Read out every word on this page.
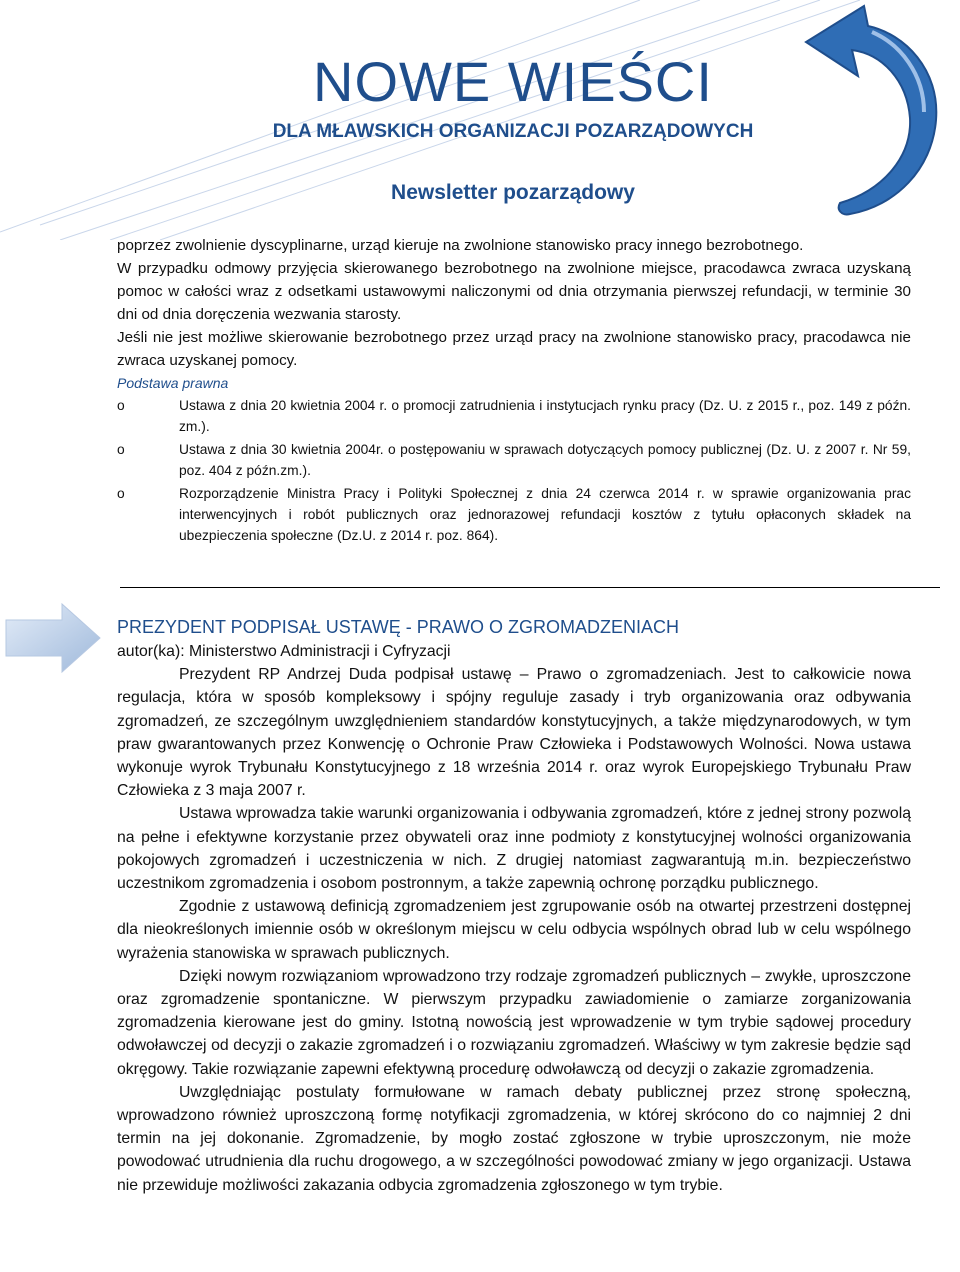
NOWE WIEŚCI
DLA MŁAWSKICH ORGANIZACJI POZARZĄDOWYCH
Newsletter pozarządowy

poprzez zwolnienie dyscyplinarne, urząd kieruje na zwolnione stanowisko pracy innego bezrobotnego.

W przypadku odmowy przyjęcia skierowanego bezrobotnego na zwolnione miejsce, pracodawca zwraca uzyskaną pomoc w całości wraz z odsetkami ustawowymi naliczonymi od dnia otrzymania pierwszej refundacji, w terminie 30 dni od dnia doręczenia wezwania starosty.

Jeśli nie jest możliwe skierowanie bezrobotnego przez urząd pracy na zwolnione stanowisko pracy, pracodawca nie zwraca uzyskanej pomocy.

Podstawa prawna

o	Ustawa z dnia 20 kwietnia 2004 r. o promocji zatrudnienia i instytucjach rynku pracy (Dz. U. z 2015 r., poz. 149 z późn. zm.).
o	Ustawa z dnia 30 kwietnia 2004r. o postępowaniu w sprawach dotyczących pomocy publicznej (Dz. U. z 2007 r. Nr 59, poz. 404 z późn.zm.).
o	Rozporządzenie Ministra Pracy i Polityki Społecznej z dnia 24 czerwca 2014 r. w sprawie organizowania prac interwencyjnych i robót publicznych oraz jednorazowej refundacji kosztów z tytułu opłaconych składek na ubezpieczenia społeczne (Dz.U. z 2014 r. poz. 864).

PREZYDENT PODPISAŁ USTAWĘ - PRAWO O ZGROMADZENIACH

autor(ka): Ministerstwo Administracji i Cyfryzacji

Prezydent RP Andrzej Duda podpisał ustawę – Prawo o zgromadzeniach. Jest to całkowicie nowa regulacja, która w sposób kompleksowy i spójny reguluje zasady i tryb organizowania oraz odbywania zgromadzeń, ze szczególnym uwzględnieniem standardów konstytucyjnych, a także międzynarodowych, w tym praw gwarantowanych przez Konwencję o Ochronie Praw Człowieka i Podstawowych Wolności. Nowa ustawa wykonuje wyrok Trybunału Konstytucyjnego z 18 września 2014 r. oraz wyrok Europejskiego Trybunału Praw Człowieka z 3 maja 2007 r.

Ustawa wprowadza takie warunki organizowania i odbywania zgromadzeń, które z jednej strony pozwolą na pełne i efektywne korzystanie przez obywateli oraz inne podmioty z konstytucyjnej wolności organizowania pokojowych zgromadzeń i uczestniczenia w nich. Z drugiej natomiast zagwarantują m.in. bezpieczeństwo uczestnikom zgromadzenia i osobom postronnym, a także zapewnią ochronę porządku publicznego.

Zgodnie z ustawową definicją zgromadzeniem jest zgrupowanie osób na otwartej przestrzeni dostępnej dla nieokreślonych imiennie osób w określonym miejscu w celu odbycia wspólnych obrad lub w celu wspólnego wyrażenia stanowiska w sprawach publicznych.

Dzięki nowym rozwiązaniom wprowadzono trzy rodzaje zgromadzeń publicznych – zwykłe, uproszczone oraz zgromadzenie spontaniczne. W pierwszym przypadku zawiadomienie o zamiarze zorganizowania zgromadzenia kierowane jest do gminy. Istotną nowością jest wprowadzenie w tym trybie sądowej procedury odwoławczej od decyzji o zakazie zgromadzeń i o rozwiązaniu zgromadzeń. Właściwy w tym zakresie będzie sąd okręgowy. Takie rozwiązanie zapewni efektywną procedurę odwoławczą od decyzji o zakazie zgromadzenia.

Uwzględniając postulaty formułowane w ramach debaty publicznej przez stronę społeczną, wprowadzono również uproszczoną formę notyfikacji zgromadzenia, w której skrócono do co najmniej 2 dni termin na jej dokonanie. Zgromadzenie, by mogło zostać zgłoszone w trybie uproszczonym, nie może powodować utrudnienia dla ruchu drogowego, a w szczególności powodować zmiany w jego organizacji. Ustawa nie przewiduje możliwości zakazania odbycia zgromadzenia zgłoszonego w tym trybie.
